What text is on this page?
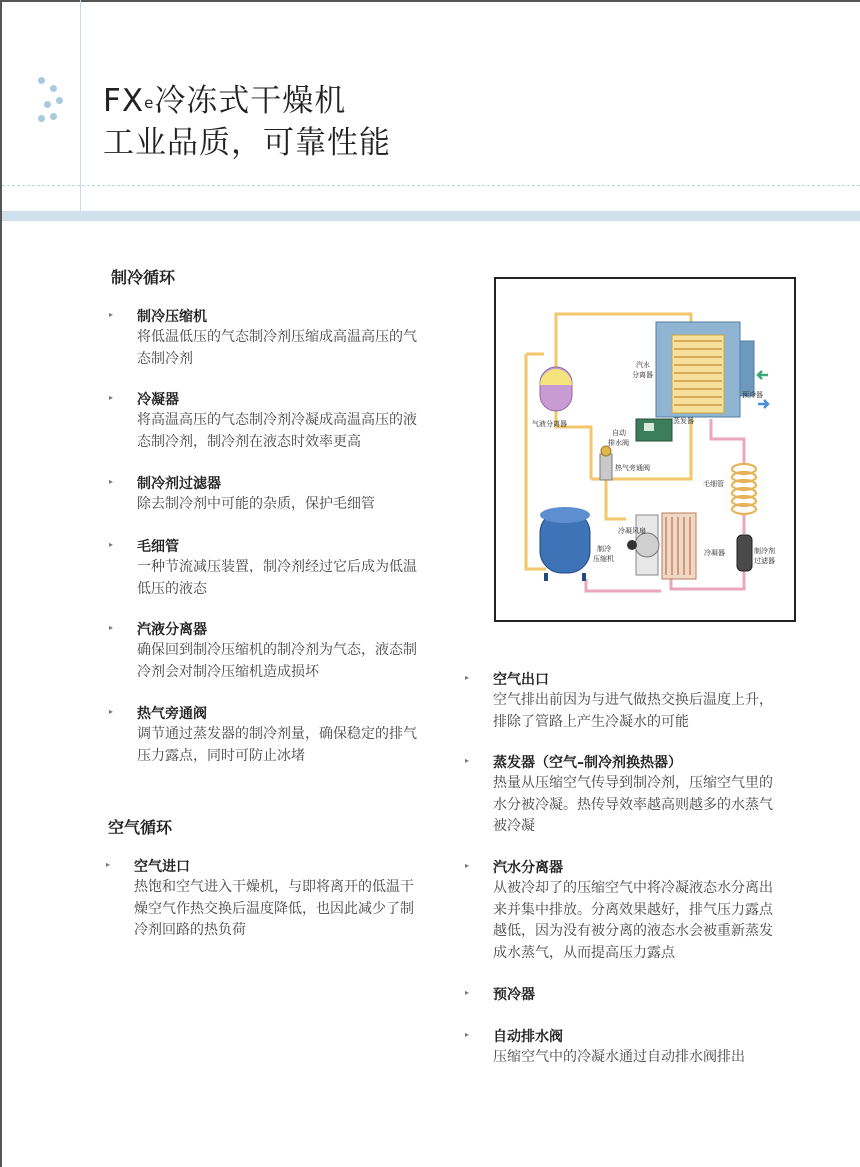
$FX^e$冷冻式干燥机
工业品质，可靠性能
制冷循环
▸ 制冷压缩机
将低温低压的气态制冷剂压缩成高温高压的气
态制冷剂
▸ 冷凝器
将高温高压的气态制冷剂冷凝成高温高压的液
态制冷剂，制冷剂在液态时效率更高
▸ 制冷剂过滤器
除去制冷剂中可能的杂质，保护毛细管
▸ 毛细管
一种节流减压装置，制冷剂经过它后成为低温
低压的液态
▸ 汽液分离器
确保回到制冷压缩机的制冷剂为气态，液态制
冷剂会对制冷压缩机造成损坏
▸ 热气旁通阀
调节通过蒸发器的制冷剂量，确保稳定的排气
压力露点，同时可防止冰堵
空气循环
▸ 空气进口
热饱和空气进入干燥机，与即将离开的低温干
燥空气作热交换后温度降低，也因此减少了制
冷剂回路的热负荷
▸ 空气出口
空气排出前因为与进气做热交换后温度上升，
排除了管路上产生冷凝水的可能
▸ 蒸发器（空气–制冷剂换热器）
热量从压缩空气传导到制冷剂，压缩空气里的
水分被冷凝。热传导效率越高则越多的水蒸气
被冷凝
▸ 汽水分离器
从被冷却了的压缩空气中将冷凝液态水分离出
来并集中排放。分离效果越好，排气压力露点
越低，因为没有被分离的液态水会被重新蒸发
成水蒸气，从而提高压力露点
▸ 预冷器
▸ 自动排水阀
压缩空气中的冷凝水通过自动排水阀排出
汽水
分离器
预冷器
蒸发器
气液分离器
自动
排水阀
热气旁通阀
毛细管
冷凝风扇
制冷
压缩机
冷凝器	制冷剂
过滤器
